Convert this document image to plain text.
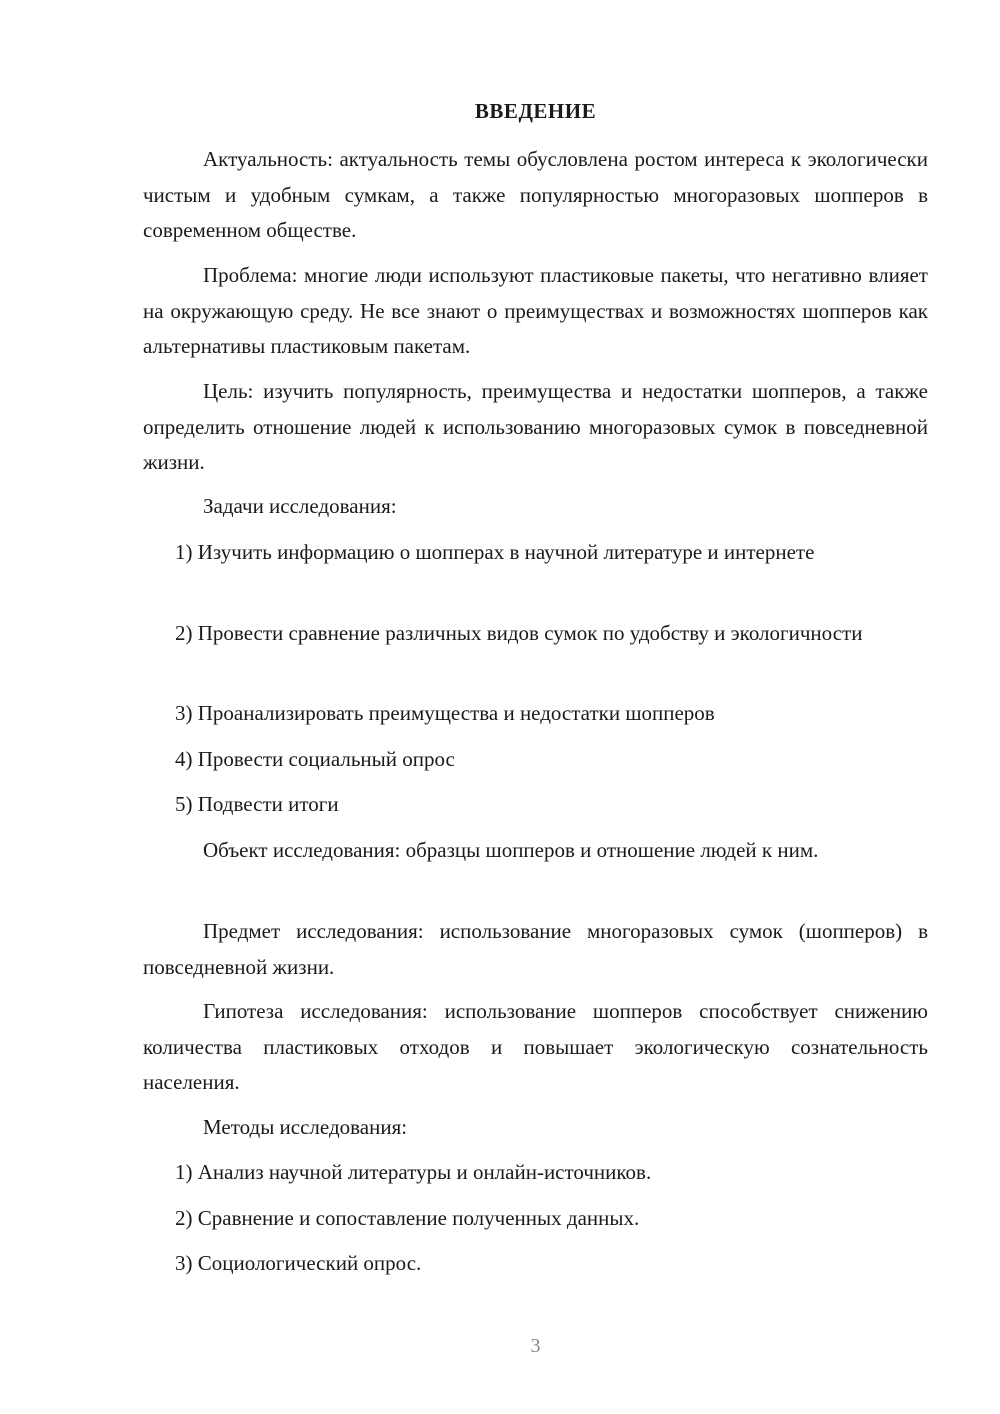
ВВЕДЕНИЕ

Актуальность: актуальность темы обусловлена ростом интереса к экологически чистым и удобным сумкам, а также популярностью многоразовых шопперов в современном обществе.

Проблема: многие люди используют пластиковые пакеты, что негативно влияет на окружающую среду. Не все знают о преимуществах и возможностях шопперов как альтернативы пластиковым пакетам.

Цель: изучить популярность, преимущества и недостатки шопперов, а также определить отношение людей к использованию многоразовых сумок в повседневной жизни.

Задачи исследования:

1) Изучить информацию о шопперах в научной литературе и интернете

2) Провести сравнение различных видов сумок по удобству и экологичности

3) Проанализировать преимущества и недостатки шопперов

4) Провести социальный опрос

5) Подвести итоги

Объект исследования: образцы шопперов и отношение людей к ним.

Предмет исследования: использование многоразовых сумок (шопперов) в повседневной жизни.

Гипотеза исследования: использование шопперов способствует снижению количества пластиковых отходов и повышает экологическую сознательность населения.

Методы исследования:

1) Анализ научной литературы и онлайн-источников.

2) Сравнение и сопоставление полученных данных.

3) Социологический опрос.

3
